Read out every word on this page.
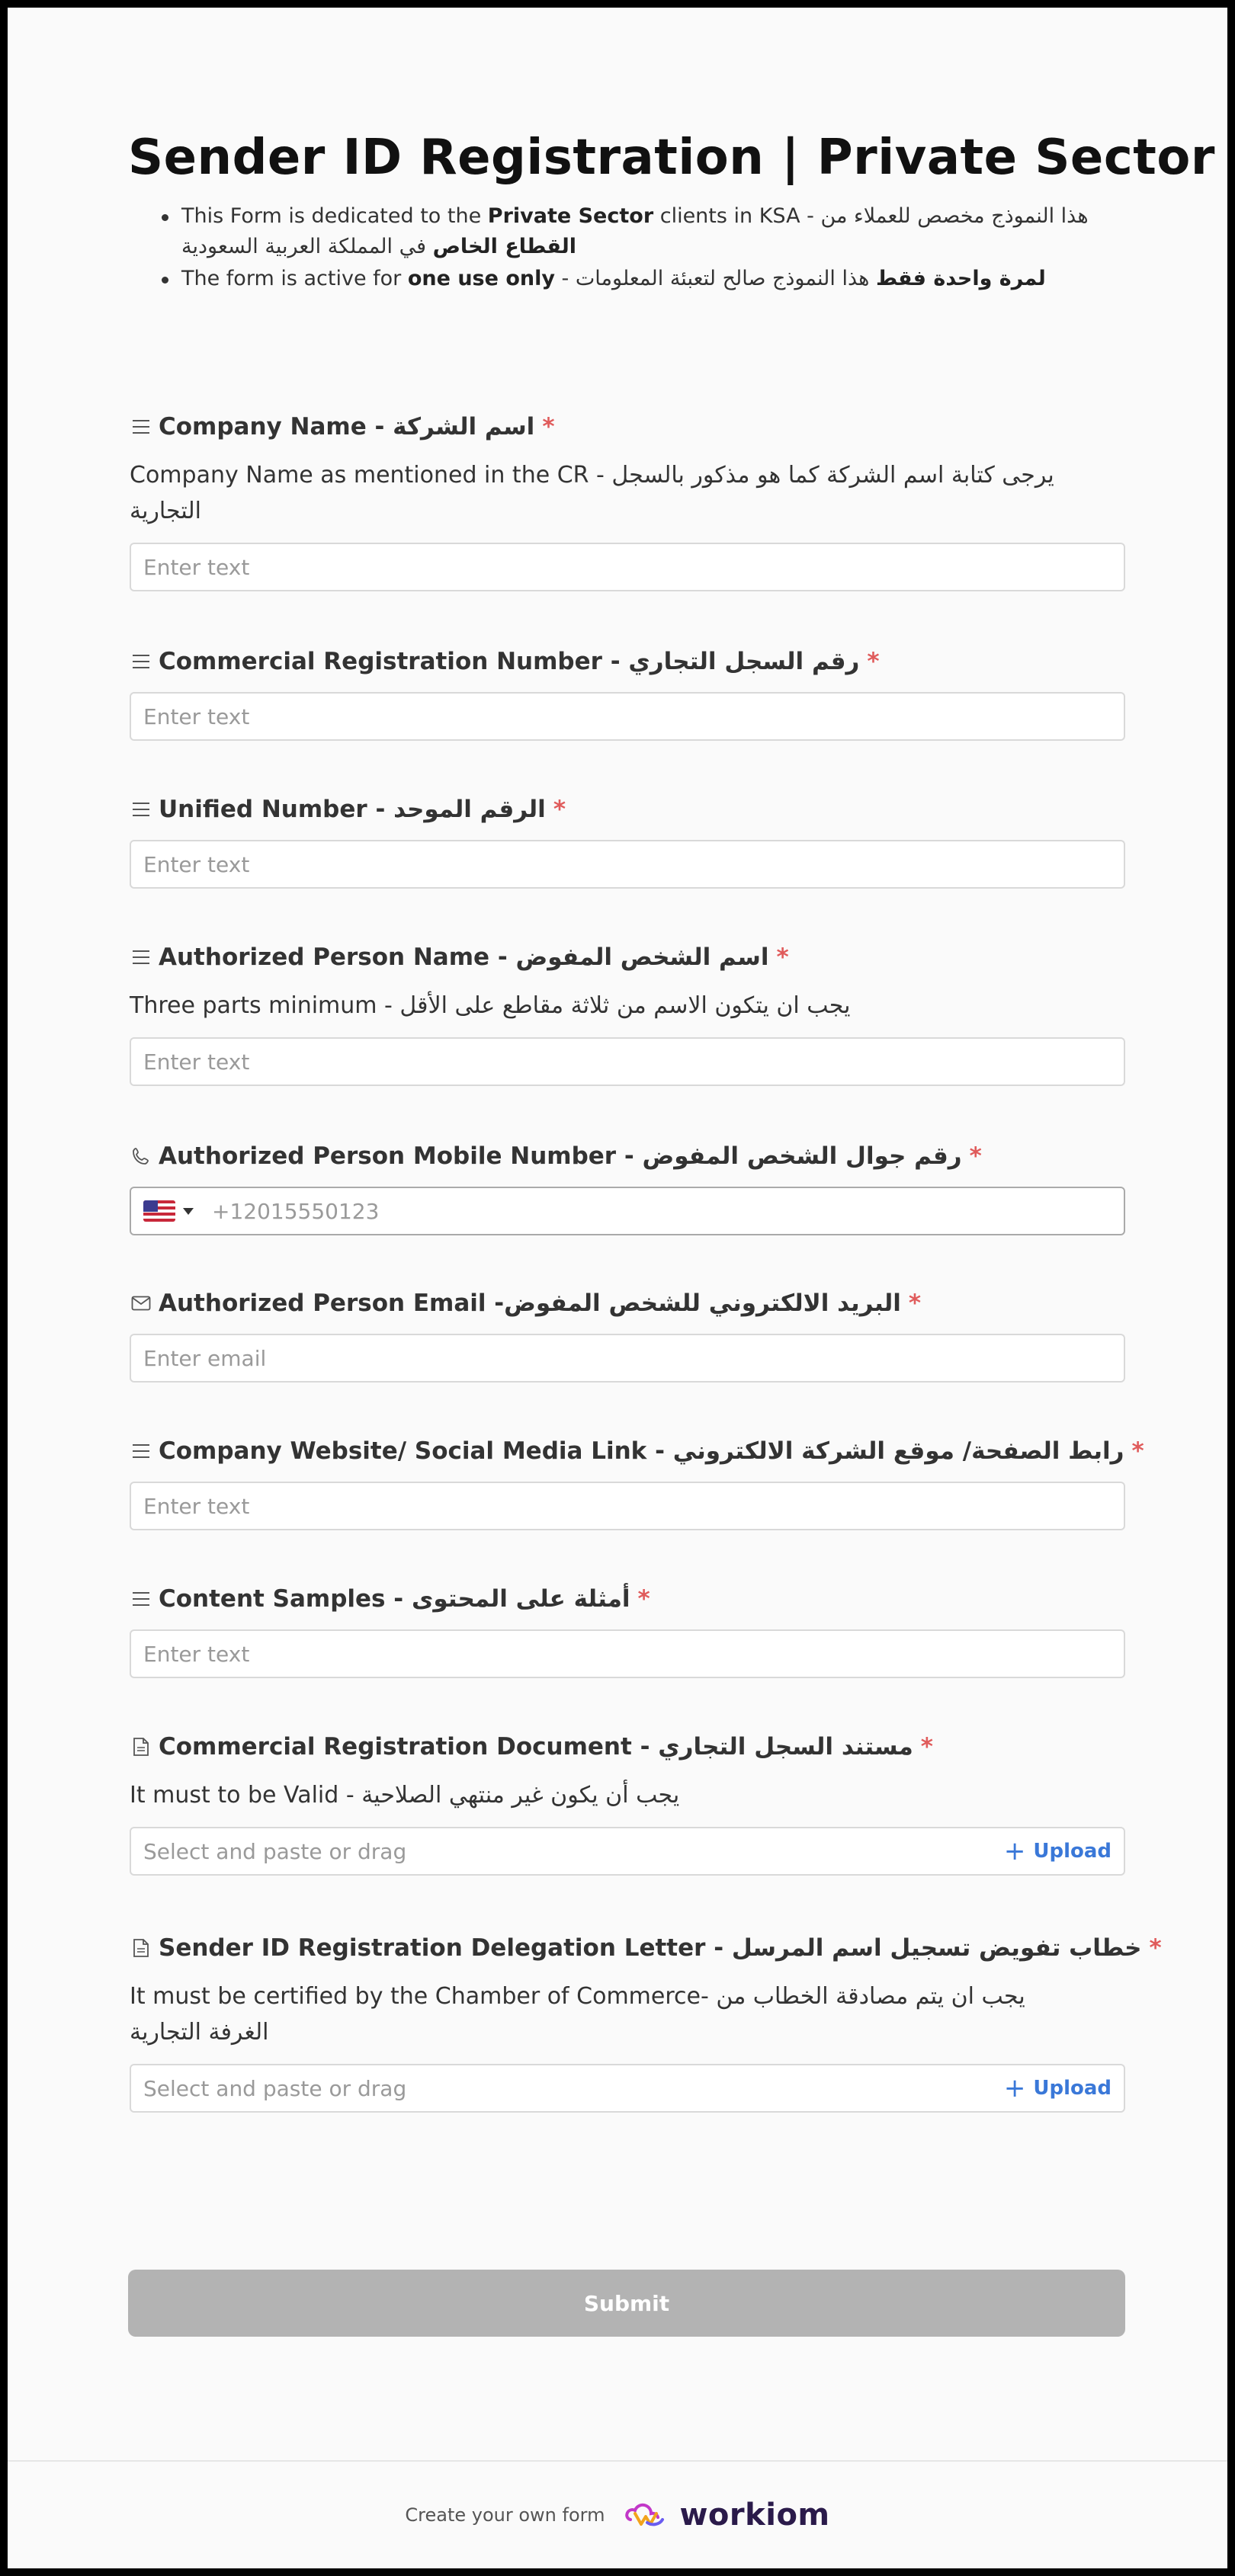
Sender ID Registration | Private Sector
This Form is dedicated to the Private Sector clients in KSA - هذا النموذج مخصص للعملاء من
القطاع الخاص في المملكة العربية السعودية
The form is active for one use only -	لمرة واحدة فقط هذا النموذج صالح لتعبئة المعلومات
Company Name - اسم الشركة *
Company Name as mentioned in the CR - يرجى كتابة اسم الشركة كما هو مذكور بالسجل التجارية
Enter text
Commercial Registration Number - رقم السجل التجاري *
Enter text
Unified Number - الرقم الموحد *
Enter text
Authorized Person Name - اسم الشخص المفوض *
Three parts minimum - يجب ان يتكون الاسم من ثلاثة مقاطع على الأقل
Enter text
Authorized Person Mobile Number - رقم جوال الشخص المفوض *
+12015550123
Authorized Person Email -البريد الالكتروني للشخص المفوض *
Enter email
Company Website/ Social Media Link - رابط الصفحة/ موقع الشركة الالكتروني *
Enter text
Content Samples - أمثلة على المحتوى *
Enter text
Commercial Registration Document - مستند السجل التجاري *
It must to be Valid - يجب أن يكون غير منتهي الصلاحية
Select and paste or drag	+ Upload
Sender ID Registration Delegation Letter - خطاب تفويض تسجيل اسم المرسل *
It must be certified by the Chamber of Commerce- يجب ان يتم مصادقة الخطاب من الغرفة التجارية
Select and paste or drag	+ Upload
Submit
Create your own form workiom
